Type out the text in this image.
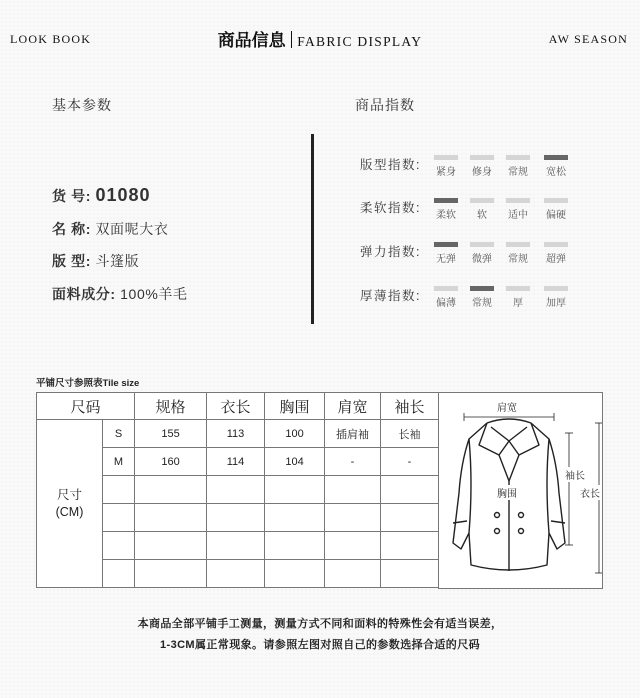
LOOK BOOK	商品信息 FABRIC DISPLAY	AW SEASON
基本参数	商品指数
货 号: 01080
名 称: 双面呢大衣
版 型: 斗篷版
面料成分: 100%羊毛
版型指数:
紧身	修身	常规	宽松
柔软指数:
柔软	软	适中	偏硬
弹力指数:
无弹	微弹	常规	超弹
厚薄指数:
偏薄	常规	厚	加厚
平铺尺寸参照表Tile size
尺码		规格	衣长	胸围	肩宽	袖长
尺寸
(CM)	S	155	113	100	插肩袖	长袖
	M	160	114	104	-	-

肩宽
袖长
胸围	衣长
本商品全部平铺手工测量，测量方式不同和面料的特殊性会有适当误差，
1-3CM属正常现象。请参照左图对照自己的参数选择合适的尺码
